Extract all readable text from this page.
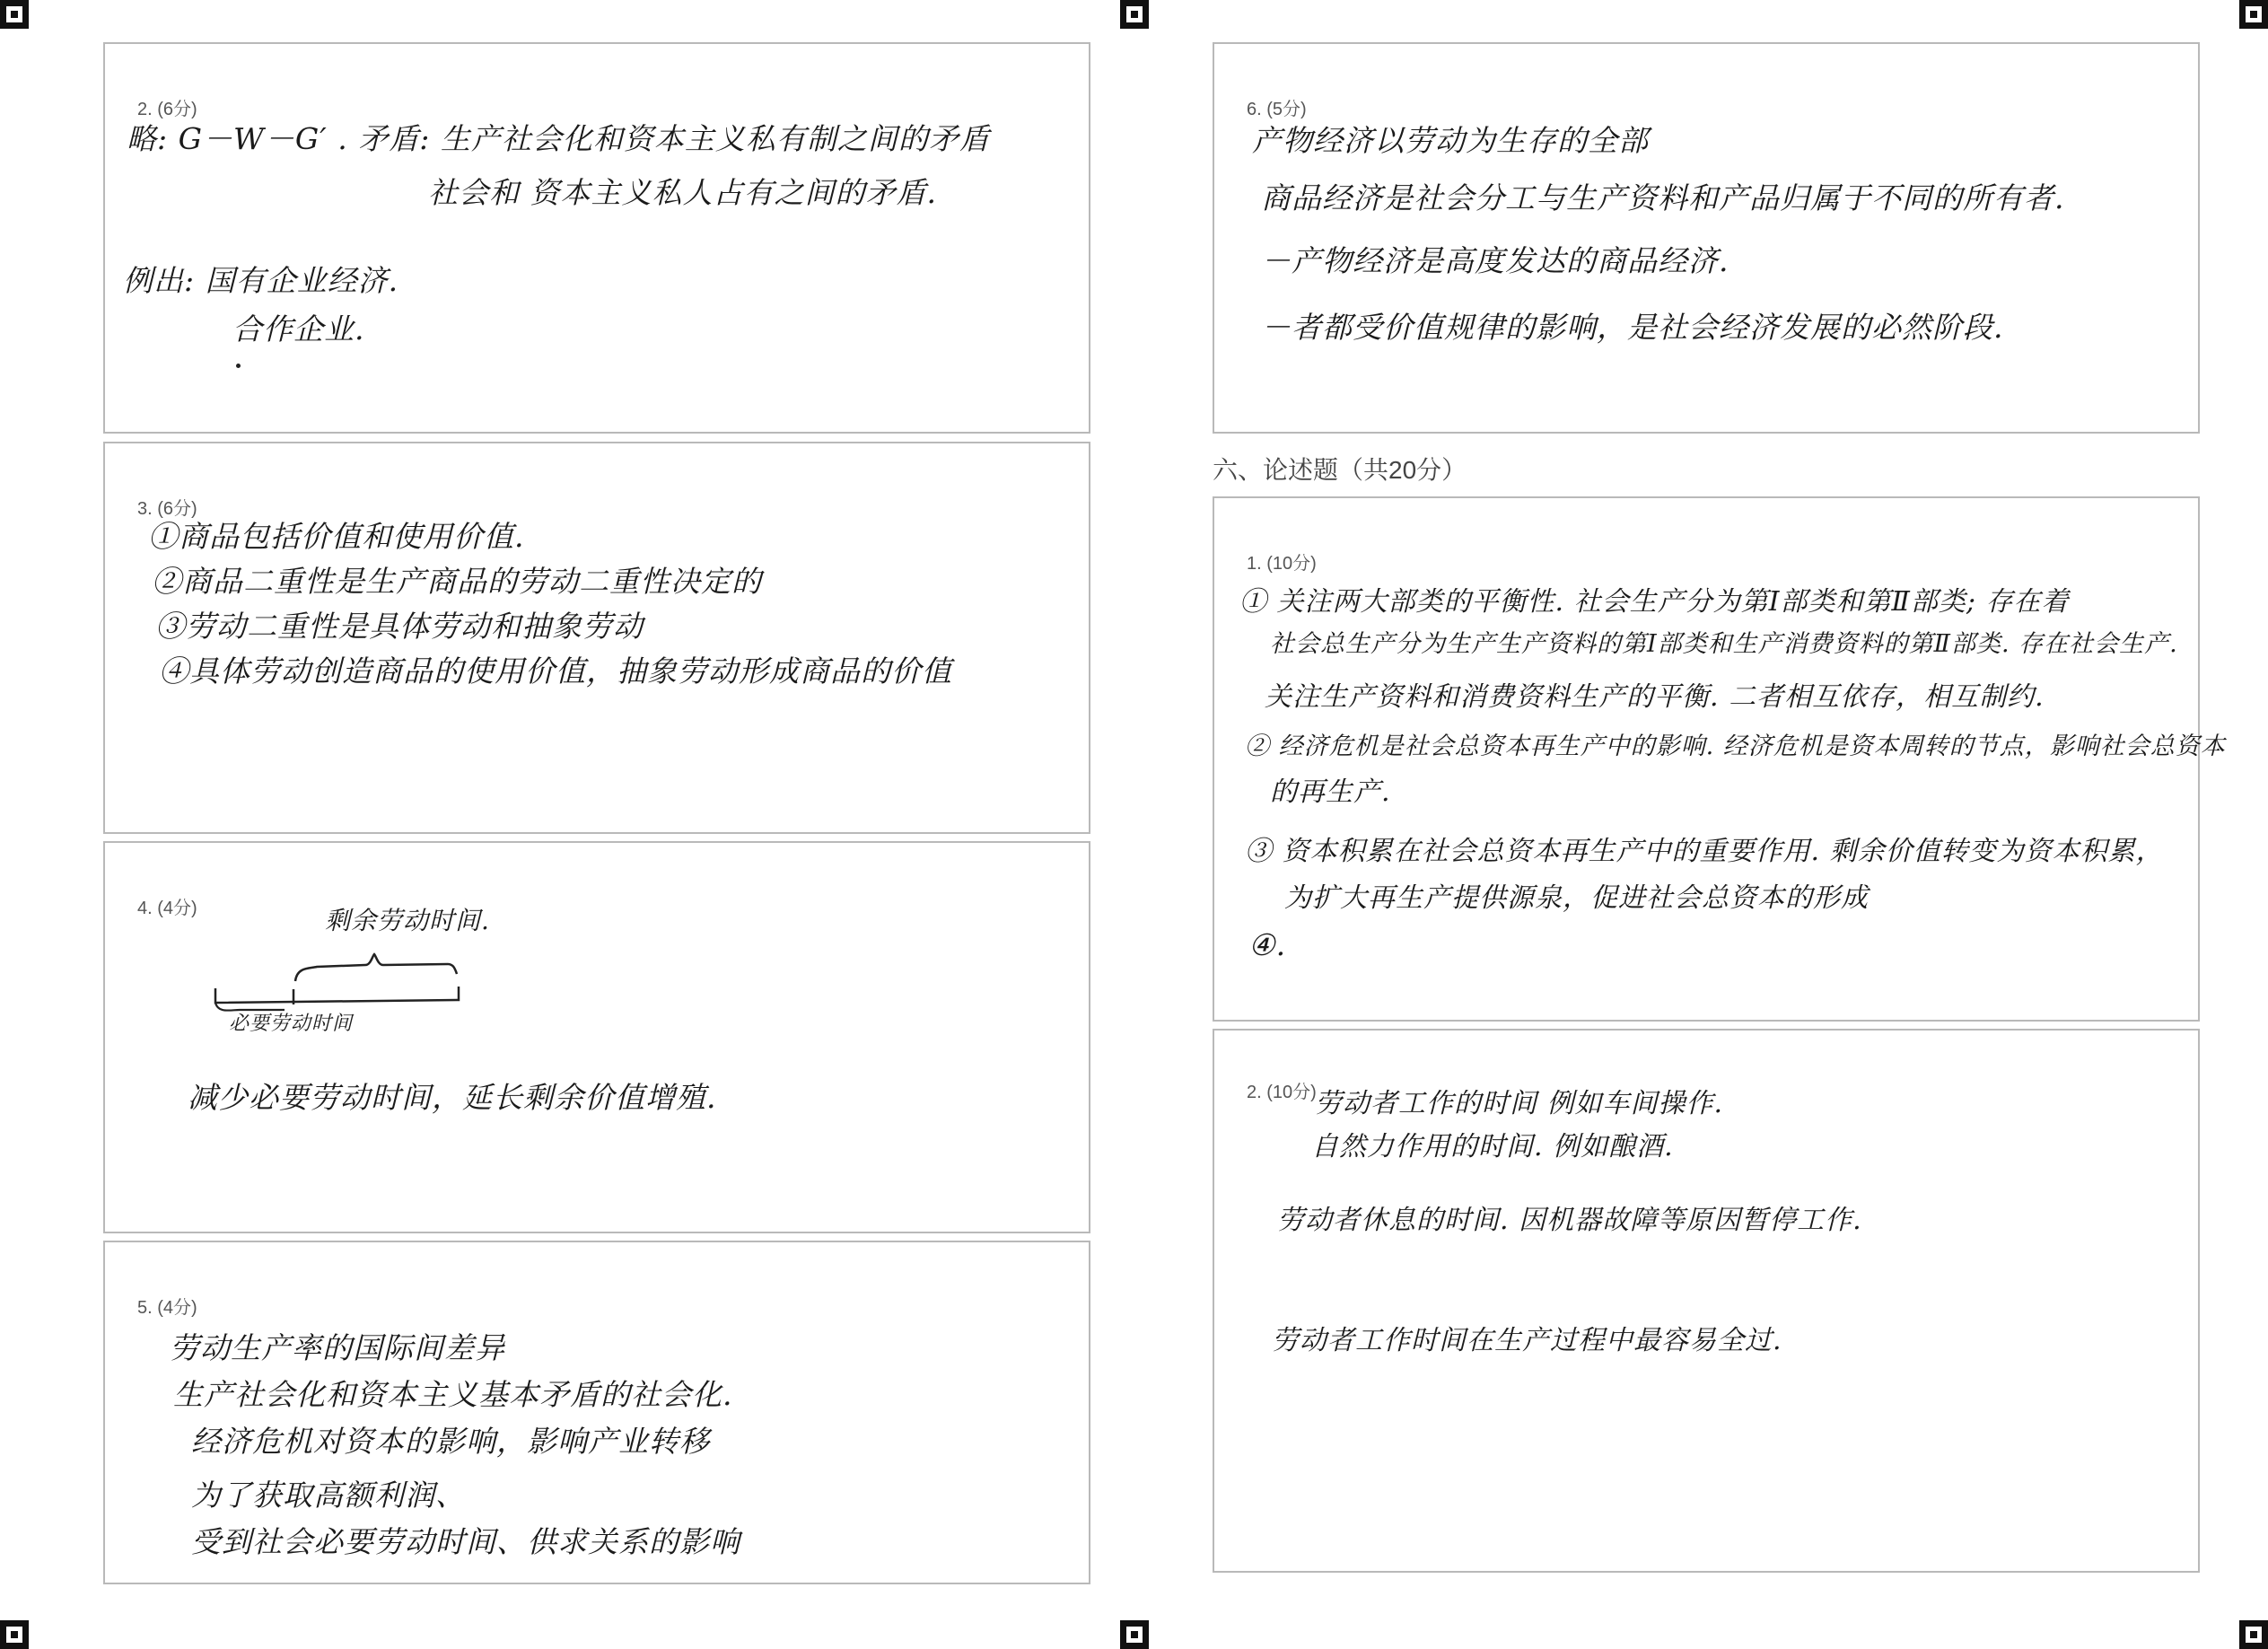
2. (6分)
略: G－W－G′ . 矛盾: 生产社会化和资本主义私有制之间的矛盾
社会和 资本主义私人占有之间的矛盾.
例出: 国有企业经济.
合作企业.
3. (6分)
①商品包括价值和使用价值.
②商品二重性是生产商品的劳动二重性决定的
③劳动二重性是具体劳动和抽象劳动
④具体劳动创造商品的使用价值，抽象劳动形成商品的价值
4. (4分)	剩余劳动时间.
必要劳动时间
减少必要劳动时间，延长剩余价值增殖.
5. (4分)
劳动生产率的国际间差异
生产社会化和资本主义基本矛盾的社会化.
经济危机对资本的影响，影响产业转移
为了获取高额利润、
受到社会必要劳动时间、供求关系的影响
6. (5分)
产物经济以劳动为生存的全部
商品经济是社会分工与生产资料和产品归属于不同的所有者.
－产物经济是高度发达的商品经济.
－者都受价值规律的影响，是社会经济发展的必然阶段.
六、论述题（共20分）
1. (10分)
① 关注两大部类的平衡性. 社会生产分为第Ⅰ部类和第Ⅱ部类; 存在着
社会总生产分为生产生产资料的第Ⅰ部类和生产消费资料的第Ⅱ部类. 存在社会生产.
关注生产资料和消费资料生产的平衡. 二者相互依存，相互制约.
② 经济危机是社会总资本再生产中的影响. 经济危机是资本周转的节点，影响社会总资本
的再生产.
③ 资本积累在社会总资本再生产中的重要作用. 剩余价值转变为资本积累，
为扩大再生产提供源泉，促进社会总资本的形成
④.
2. (10分)
劳动者工作的时间 例如车间操作.
自然力作用的时间. 例如酿酒.
劳动者休息的时间. 因机器故障等原因暂停工作.
劳动者工作时间在生产过程中最容易全过.
